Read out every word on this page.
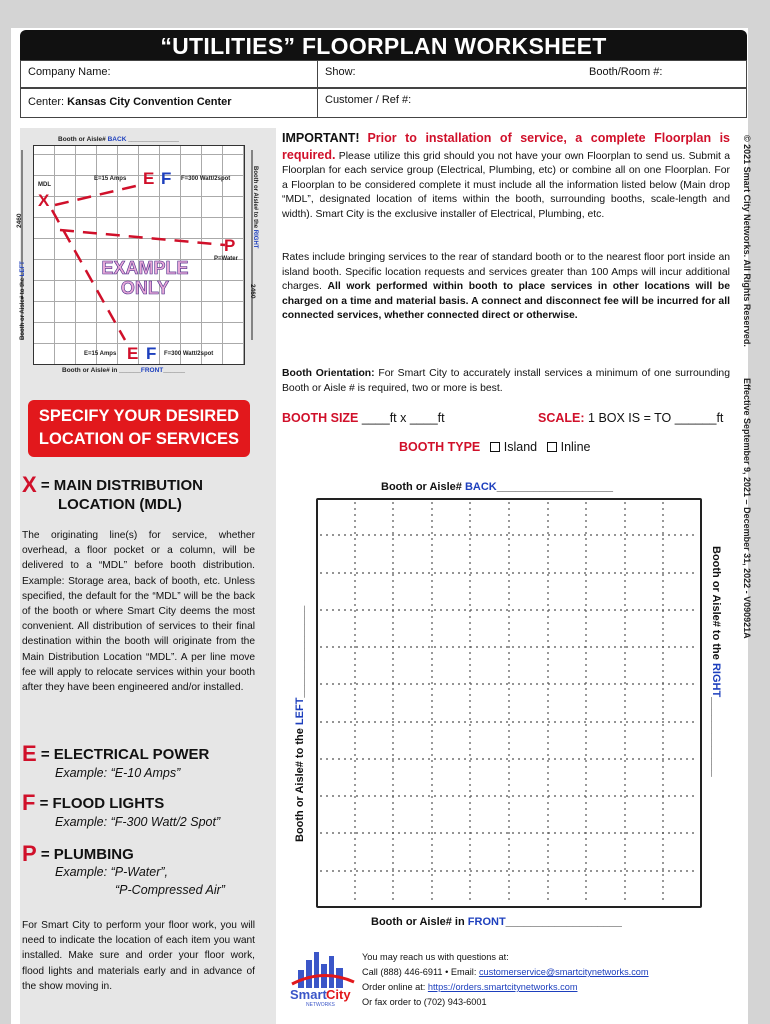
“UTILITIES” FLOORPLAN WORKSHEET
Company Name:	Show:	Booth/Room #:
Center: Kansas City Convention Center	Customer / Ref #:
Booth or Aisle# BACK ______________
MDL
X
E=15 Amps E F F=300 Watt/2spot
P
P=Water
EXAMPLE
ONLY
E=15 Amps E F F=300 Watt/2spot
Booth or Aisle# in ______FRONT______
Booth or Aisle# to the LEFT
2460	Booth or Aisle# to the RIGHT
2460
SPECIFY YOUR DESIRED
LOCATION OF SERVICES
X = MAIN DISTRIBUTION
LOCATION (MDL)
The originating line(s) for service, whether overhead, a floor pocket or a column, will be delivered to a “MDL” before booth distribution. Example: Storage area, back of booth, etc. Unless specified, the default for the “MDL” will be the back of the booth or where Smart City deems the most convenient. All distribution of services to their final destination within the booth will originate from the Main Distribution Location “MDL”. A per line move fee will apply to relocate services within your booth after they have been engineered and/or installed.
E = ELECTRICAL POWER
Example: “E-10 Amps”
F = FLOOD LIGHTS
Example: “F-300 Watt/2 Spot”
P = PLUMBING
Example: “P-Water”,
“P-Compressed Air”
For Smart City to perform your floor work, you will need to indicate the location of each item you want installed. Make sure and order your floor work, flood lights and materials early and in advance of the show moving in.
IMPORTANT! Prior to installation of service, a complete Floorplan is required. Please utilize this grid should you not have your own Floorplan to send us. Submit a Floorplan for each service group (Electrical, Plumbing, etc) or combine all on one Floorplan. For a Floorplan to be considered complete it must include all the information listed below (Main drop “MDL”, designated location of items within the booth, surrounding booths, scale-length and width). Smart City is the exclusive installer of Electrical, Plumbing, etc.
Rates include bringing services to the rear of standard booth or to the nearest floor port inside an island booth. Specific location requests and services greater than 100 Amps will incur additional charges. All work performed within booth to place services in other locations will be charged on a time and material basis. A connect and disconnect fee will be incurred for all connected services, whether connected direct or otherwise.
Booth Orientation: For Smart City to accurately install services a minimum of one surrounding Booth or Aisle # is required, two or more is best.
BOOTH SIZE ____ft x ____ft	SCALE: 1 BOX IS = TO ______ft
BOOTH TYPE Island Inline
Booth or Aisle# BACK___________________
Booth or Aisle# in FRONT___________________
Booth or Aisle# to the LEFT_______________	Booth or Aisle# to the RIGHT_____________
© 2021 Smart City Networks. All Rights Reserved.
Effective September 9, 2021 – December 31, 2022 - V090921A
Smart City
NETWORKS
You may reach us with questions at:
Call (888) 446-6911 • Email: customerservice@smartcitynetworks.com
Order online at: https://orders.smartcitynetworks.com
Or fax order to (702) 943-6001
